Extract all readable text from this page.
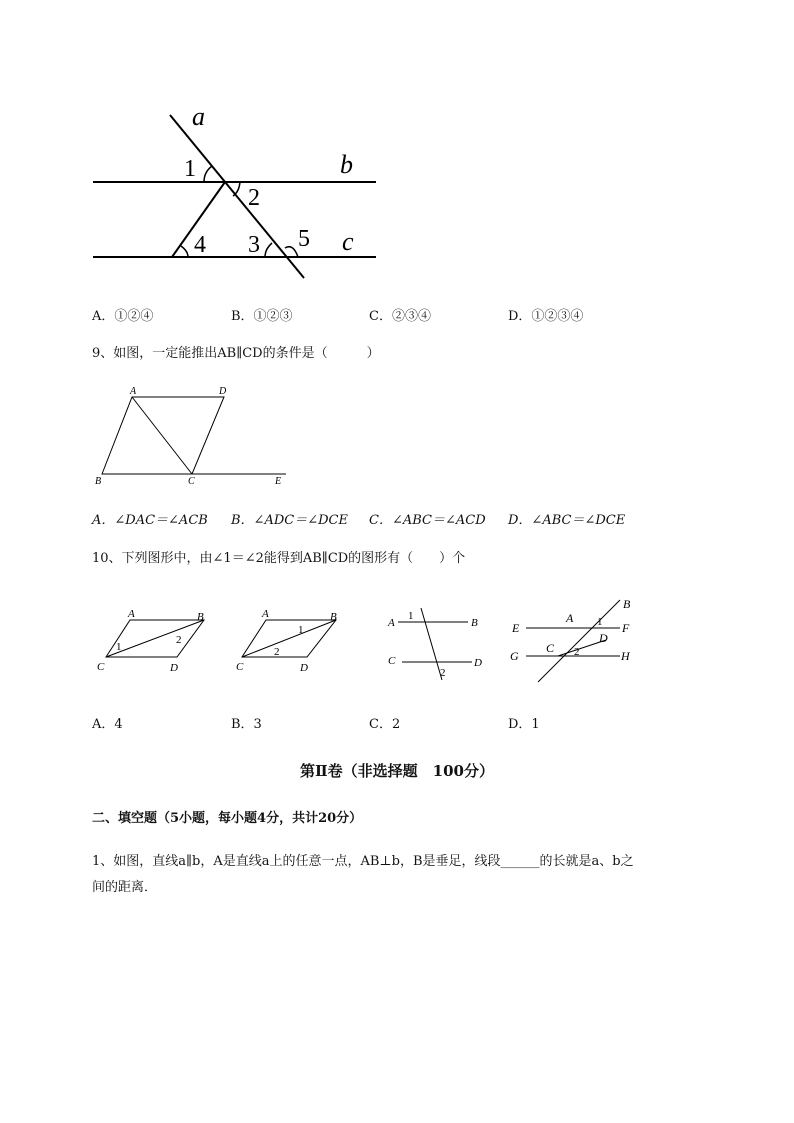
a
b
c
1
2
4 3 5
A．①②④	B．①②③	C．②③④	D．①②③④
9、如图，一定能推出AB∥CD的条件是（　　　）
A	D
B	C	E
A．∠DAC＝∠ACB B．∠ADC＝∠DCE C．∠ABC＝∠ACD D．∠ABC＝∠DCE
10、下列图形中，由∠1＝∠2能得到AB∥CD的图形有（　　）个
A	B
C	D
1
2
A	B
C	D
1
2
A	B
C	D
1
2
A
B
E	F
D
C
G	H
1
2
A．4	B．3	C．2	D．1
第Ⅱ卷（非选择题　100分）
二、填空题（5小题，每小题4分，共计20分）
1、如图，直线a∥b，A是直线a上的任意一点，AB⊥b，B是垂足，线段______的长就是a、b之
间的距离．
